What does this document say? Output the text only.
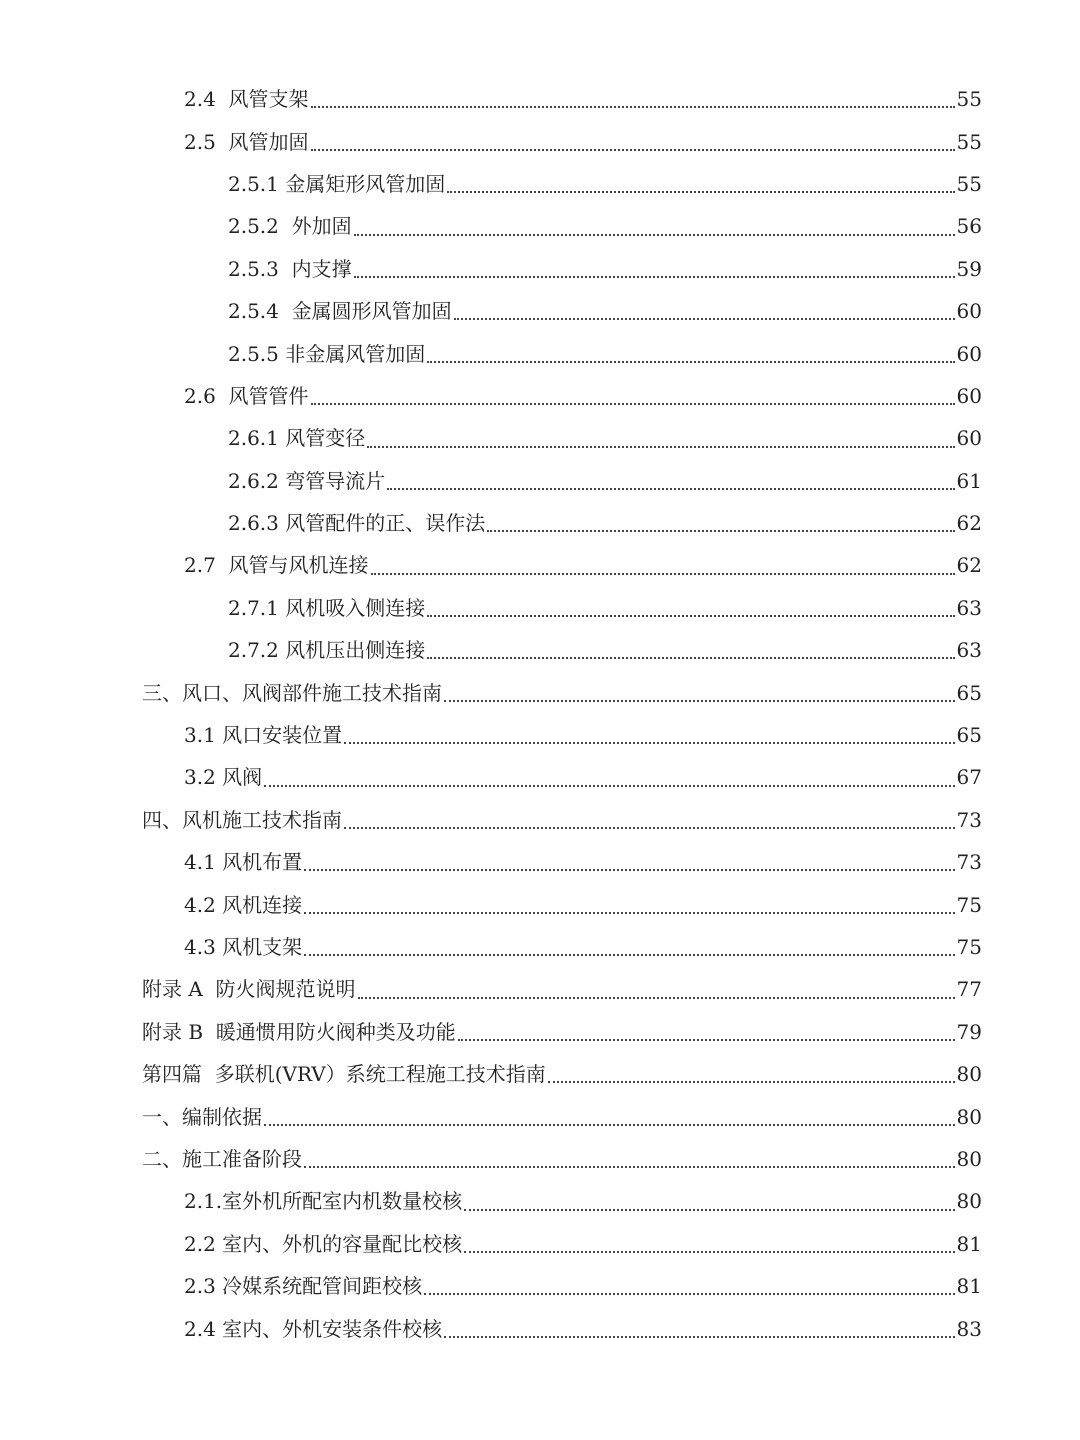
2.4  风管支架	55
2.5  风管加固	55
2.5.1 金属矩形风管加固	55
2.5.2  外加固	56
2.5.3  内支撑	59
2.5.4  金属圆形风管加固	60
2.5.5 非金属风管加固	60
2.6  风管管件	60
2.6.1 风管变径	60
2.6.2 弯管导流片	61
2.6.3 风管配件的正、误作法	62
2.7  风管与风机连接	62
2.7.1 风机吸入侧连接	63
2.7.2 风机压出侧连接	63
三、风口、风阀部件施工技术指南	65
3.1 风口安装位置	65
3.2 风阀	67
四、风机施工技术指南	73
4.1 风机布置	73
4.2 风机连接	75
4.3 风机支架	75
附录 A  防火阀规范说明	77
附录 B  暖通惯用防火阀种类及功能	79
第四篇  多联机(VRV）系统工程施工技术指南	80
一、编制依据	80
二、施工准备阶段	80
2.1.室外机所配室内机数量校核	80
2.2 室内、外机的容量配比校核	81
2.3 冷媒系统配管间距校核	81
2.4 室内、外机安装条件校核	83
